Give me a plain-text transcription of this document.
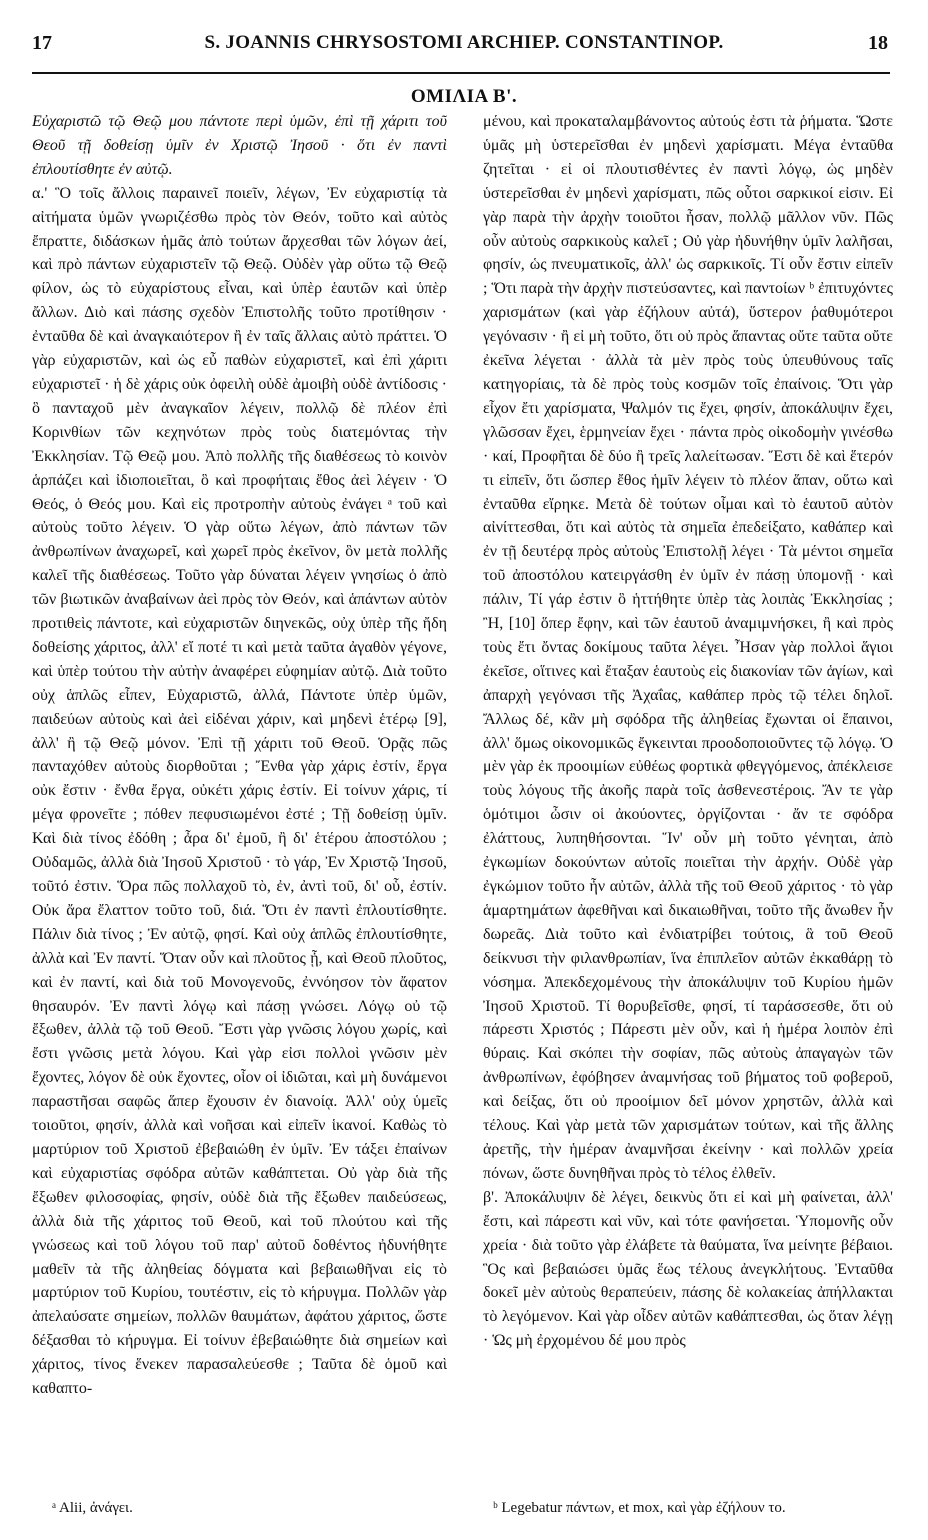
17	S. JOANNIS CHRYSOSTOMI ARCHIEP. CONSTANTINOP.	18
ΟΜΙΛΙΑ Β'.

Εὐχαριστῶ τῷ Θεῷ μου πάντοτε περὶ ὑμῶν, ἐπὶ τῇ χάριτι τοῦ Θεοῦ τῇ δοθείσῃ ὑμῖν ἐν Χριστῷ Ἰησοῦ · ὅτι ἐν παντὶ ἐπλουτίσθητε ἐν αὐτῷ.

α.' Ὃ τοῖς ἄλλοις παραινεῖ ποιεῖν, λέγων, Ἐν εὐχαριστίᾳ τὰ αἰτήματα ὑμῶν γνωριζέσθω πρὸς τὸν Θεόν, τοῦτο καὶ αὐτὸς ἔπραττε, διδάσκων ἡμᾶς ἀπὸ τούτων ἄρχεσθαι τῶν λόγων ἀεί, καὶ πρὸ πάντων εὐχαριστεῖν τῷ Θεῷ. Οὐδὲν γὰρ οὕτω τῷ Θεῷ φίλον, ὡς τὸ εὐχαρίστους εἶναι, καὶ ὑπὲρ ἑαυτῶν καὶ ὑπὲρ ἄλλων. Διὸ καὶ πάσης σχεδὸν Ἐπιστολῆς τοῦτο προτίθησιν · ἐνταῦθα δὲ καὶ ἀναγκαιότερον ἢ ἐν ταῖς ἄλλαις αὐτὸ πράττει. Ὁ γὰρ εὐχαριστῶν, καὶ ὡς εὖ παθὼν εὐχαριστεῖ, καὶ ἐπὶ χάριτι εὐχαριστεῖ · ἡ δὲ χάρις οὐκ ὀφειλὴ οὐδὲ ἀμοιβὴ οὐδὲ ἀντίδοσις · ὃ πανταχοῦ μὲν ἀναγκαῖον λέγειν, πολλῷ δὲ πλέον ἐπὶ Κορινθίων τῶν κεχηνότων πρὸς τοὺς διατεμόντας τὴν Ἐκκλησίαν. Τῷ Θεῷ μου. Ἀπὸ πολλῆς τῆς διαθέσεως τὸ κοινὸν ἁρπάζει καὶ ἰδιοποιεῖται, ὃ καὶ προφήταις ἔθος ἀεὶ λέγειν · Ὁ Θεός, ὁ Θεός μου. Καὶ εἰς προτροπὴν αὐτοὺς ἐνάγει ᵃ τοῦ καὶ αὐτοὺς τοῦτο λέγειν. Ὁ γὰρ οὕτω λέγων, ἀπὸ πάντων τῶν ἀνθρωπίνων ἀναχωρεῖ, καὶ χωρεῖ πρὸς ἐκεῖνον, ὃν μετὰ πολλῆς καλεῖ τῆς διαθέσεως. Τοῦτο γὰρ δύναται λέγειν γνησίως ὁ ἀπὸ τῶν βιωτικῶν ἀναβαίνων ἀεὶ πρὸς τὸν Θεόν, καὶ ἁπάντων αὐτὸν προτιθεὶς πάντοτε, καὶ εὐχαριστῶν διηνεκῶς, οὐχ ὑπὲρ τῆς ἤδη δοθείσης χάριτος, ἀλλ' εἴ ποτέ τι καὶ μετὰ ταῦτα ἀγαθὸν γέγονε, καὶ ὑπὲρ τούτου τὴν αὐτὴν ἀναφέρει εὐφημίαν αὐτῷ. Διὰ τοῦτο οὐχ ἁπλῶς εἶπεν, Εὐχαριστῶ, ἀλλά, Πάντοτε ὑπὲρ ὑμῶν, παιδεύων αὐτοὺς καὶ ἀεὶ εἰδέναι χάριν, καὶ μηδενὶ ἑτέρῳ [9], ἀλλ' ἢ τῷ Θεῷ μόνον. Ἐπὶ τῇ χάριτι τοῦ Θεοῦ. Ὁρᾷς πῶς πανταχόθεν αὐτοὺς διορθοῦται ; Ἔνθα γὰρ χάρις ἐστίν, ἔργα οὐκ ἔστιν · ἔνθα ἔργα, οὐκέτι χάρις ἐστίν. Εἰ τοίνυν χάρις, τί μέγα φρονεῖτε ; πόθεν πεφυσιωμένοι ἐστέ ; Τῇ δοθείσῃ ὑμῖν. Καὶ διὰ τίνος ἐδόθη ; ἆρα δι' ἐμοῦ, ἢ δι' ἑτέρου ἀποστόλου ; Οὐδαμῶς, ἀλλὰ διὰ Ἰησοῦ Χριστοῦ · τὸ γάρ, Ἐν Χριστῷ Ἰησοῦ, τοῦτό ἐστιν. Ὅρα πῶς πολλαχοῦ τὸ, ἐν, ἀντὶ τοῦ, δι' οὗ, ἐστίν. Οὐκ ἄρα ἔλαττον τοῦτο τοῦ, διά. Ὅτι ἐν παντὶ ἐπλουτίσθητε. Πάλιν διὰ τίνος ; Ἐν αὐτῷ, φησί. Καὶ οὐχ ἁπλῶς ἐπλουτίσθητε, ἀλλὰ καὶ Ἐν παντί. Ὅταν οὖν καὶ πλοῦτος ᾖ, καὶ Θεοῦ πλοῦτος, καὶ ἐν παντί, καὶ διὰ τοῦ Μονογενοῦς, ἐννόησον τὸν ἄφατον θησαυρόν. Ἐν παντὶ λόγῳ καὶ πάσῃ γνώσει. Λόγῳ οὐ τῷ ἔξωθεν, ἀλλὰ τῷ τοῦ Θεοῦ. Ἔστι γὰρ γνῶσις λόγου χωρίς, καὶ ἔστι γνῶσις μετὰ λόγου. Καὶ γὰρ εἰσι πολλοὶ γνῶσιν μὲν ἔχοντες, λόγον δὲ οὐκ ἔχοντες, οἷον οἱ ἰδιῶται, καὶ μὴ δυνάμενοι παραστῆσαι σαφῶς ἅπερ ἔχουσιν ἐν διανοίᾳ. Ἀλλ' οὐχ ὑμεῖς τοιοῦτοι, φησίν, ἀλλὰ καὶ νοῆσαι καὶ εἰπεῖν ἱκανοί. Καθὼς τὸ μαρτύριον τοῦ Χριστοῦ ἐβεβαιώθη ἐν ὑμῖν. Ἐν τάξει ἐπαίνων καὶ εὐχαριστίας σφόδρα αὐτῶν καθάπτεται. Οὐ γὰρ διὰ τῆς ἔξωθεν φιλοσοφίας, φησίν, οὐδὲ διὰ τῆς ἔξωθεν παιδεύσεως, ἀλλὰ διὰ τῆς χάριτος τοῦ Θεοῦ, καὶ τοῦ πλούτου καὶ τῆς γνώσεως καὶ τοῦ λόγου τοῦ παρ' αὐτοῦ δοθέντος ἠδυνήθητε μαθεῖν τὰ τῆς ἀληθείας δόγματα καὶ βεβαιωθῆναι εἰς τὸ μαρτύριον τοῦ Κυρίου, τουτέστιν, εἰς τὸ κήρυγμα. Πολλῶν γὰρ ἀπελαύσατε σημείων, πολλῶν θαυμάτων, ἀφάτου χάριτος, ὥστε δέξασθαι τὸ κήρυγμα. Εἰ τοίνυν ἐβεβαιώθητε διὰ σημείων καὶ χάριτος, τίνος ἕνεκεν παρασαλεύεσθε ; Ταῦτα δὲ ὁμοῦ καὶ καθαπτο-

μένου, καὶ προκαταλαμβάνοντος αὐτούς ἐστι τὰ ῥήματα. Ὥστε ὑμᾶς μὴ ὑστερεῖσθαι ἐν μηδενὶ χαρίσματι. Μέγα ἐνταῦθα ζητεῖται · εἰ οἱ πλουτισθέντες ἐν παντὶ λόγῳ, ὡς μηδὲν ὑστερεῖσθαι ἐν μηδενὶ χαρίσματι, πῶς οὗτοι σαρκικοί εἰσιν. Εἰ γὰρ παρὰ τὴν ἀρχὴν τοιοῦτοι ἦσαν, πολλῷ μᾶλλον νῦν. Πῶς οὖν αὐτοὺς σαρκικοὺς καλεῖ ; Οὐ γὰρ ἠδυνήθην ὑμῖν λαλῆσαι, φησίν, ὡς πνευματικοῖς, ἀλλ' ὡς σαρκικοῖς. Τί οὖν ἔστιν εἰπεῖν ; Ὅτι παρὰ τὴν ἀρχὴν πιστεύσαντες, καὶ παντοίων ᵇ ἐπιτυχόντες χαρισμάτων (καὶ γὰρ ἐζήλουν αὐτά), ὕστερον ῥαθυμότεροι γεγόνασιν · ἢ εἰ μὴ τοῦτο, ὅτι οὐ πρὸς ἅπαντας οὔτε ταῦτα οὔτε ἐκεῖνα λέγεται · ἀλλὰ τὰ μὲν πρὸς τοὺς ὑπευθύνους ταῖς κατηγορίαις, τὰ δὲ πρὸς τοὺς κοσμῶν τοῖς ἐπαίνοις. Ὅτι γὰρ εἶχον ἔτι χαρίσματα, Ψαλμόν τις ἔχει, φησίν, ἀποκάλυψιν ἔχει, γλῶσσαν ἔχει, ἑρμηνείαν ἔχει · πάντα πρὸς οἰκοδομὴν γινέσθω · καί, Προφῆται δὲ δύο ἢ τρεῖς λαλείτωσαν. Ἔστι δὲ καὶ ἕτερόν τι εἰπεῖν, ὅτι ὥσπερ ἔθος ἡμῖν λέγειν τὸ πλέον ἅπαν, οὕτω καὶ ἐνταῦθα εἴρηκε. Μετὰ δὲ τούτων οἶμαι καὶ τὸ ἑαυτοῦ αὐτὸν αἰνίττεσθαι, ὅτι καὶ αὐτὸς τὰ σημεῖα ἐπεδείξατο, καθάπερ καὶ ἐν τῇ δευτέρᾳ πρὸς αὐτοὺς Ἐπιστολῇ λέγει · Τὰ μέντοι σημεῖα τοῦ ἀποστόλου κατειργάσθη ἐν ὑμῖν ἐν πάσῃ ὑπομονῇ · καὶ πάλιν, Τί γάρ ἐστιν ὃ ἡττήθητε ὑπὲρ τὰς λοιπὰς Ἐκκλησίας ; Ἢ, [10] ὅπερ ἔφην, καὶ τῶν ἑαυτοῦ ἀναμιμνήσκει, ἢ καὶ πρὸς τοὺς ἔτι ὄντας δοκίμους ταῦτα λέγει. Ἦσαν γὰρ πολλοὶ ἅγιοι ἐκεῖσε, οἵτινες καὶ ἔταξαν ἑαυτοὺς εἰς διακονίαν τῶν ἁγίων, καὶ ἀπαρχὴ γεγόνασι τῆς Ἀχαΐας, καθάπερ πρὸς τῷ τέλει δηλοῖ. Ἄλλως δέ, κἂν μὴ σφόδρα τῆς ἀληθείας ἔχωνται οἱ ἔπαινοι, ἀλλ' ὅμως οἰκονομικῶς ἔγκεινται προοδοποιοῦντες τῷ λόγῳ. Ὁ μὲν γὰρ ἐκ προοιμίων εὐθέως φορτικὰ φθεγγόμενος, ἀπέκλεισε τοὺς λόγους τῆς ἀκοῆς παρὰ τοῖς ἀσθενεστέροις. Ἄν τε γὰρ ὁμότιμοι ὦσιν οἱ ἀκούοντες, ὀργίζονται · ἄν τε σφόδρα ἐλάττους, λυπηθήσονται. Ἵν' οὖν μὴ τοῦτο γένηται, ἀπὸ ἐγκωμίων δοκούντων αὐτοῖς ποιεῖται τὴν ἀρχήν. Οὐδὲ γὰρ ἐγκώμιον τοῦτο ἦν αὐτῶν, ἀλλὰ τῆς τοῦ Θεοῦ χάριτος · τὸ γὰρ ἁμαρτημάτων ἀφεθῆναι καὶ δικαιωθῆναι, τοῦτο τῆς ἄνωθεν ἦν δωρεᾶς. Διὰ τοῦτο καὶ ἐνδιατρίβει τούτοις, ἃ τοῦ Θεοῦ δείκνυσι τὴν φιλανθρωπίαν, ἵνα ἐπιπλεῖον αὐτῶν ἐκκαθάρῃ τὸ νόσημα. Ἀπεκδεχομένους τὴν ἀποκάλυψιν τοῦ Κυρίου ἡμῶν Ἰησοῦ Χριστοῦ. Τί θορυβεῖσθε, φησί, τί ταράσσεσθε, ὅτι οὐ πάρεστι Χριστός ; Πάρεστι μὲν οὖν, καὶ ἡ ἡμέρα λοιπὸν ἐπὶ θύραις. Καὶ σκόπει τὴν σοφίαν, πῶς αὐτοὺς ἀπαγαγὼν τῶν ἀνθρωπίνων, ἐφόβησεν ἀναμνήσας τοῦ βήματος τοῦ φοβεροῦ, καὶ δείξας, ὅτι οὐ προοίμιον δεῖ μόνον χρηστῶν, ἀλλὰ καὶ τέλους. Καὶ γὰρ μετὰ τῶν χαρισμάτων τούτων, καὶ τῆς ἄλλης ἀρετῆς, τὴν ἡμέραν ἀναμνῆσαι ἐκείνην · καὶ πολλῶν χρεία πόνων, ὥστε δυνηθῆναι πρὸς τὸ τέλος ἐλθεῖν.

β'. Ἀποκάλυψιν δὲ λέγει, δεικνὺς ὅτι εἰ καὶ μὴ φαίνεται, ἀλλ' ἔστι, καὶ πάρεστι καὶ νῦν, καὶ τότε φανήσεται. Ὑπομονῆς οὖν χρεία · διὰ τοῦτο γὰρ ἐλάβετε τὰ θαύματα, ἵνα μείνητε βέβαιοι. Ὃς καὶ βεβαιώσει ὑμᾶς ἕως τέλους ἀνεγκλήτους. Ἐνταῦθα δοκεῖ μὲν αὐτοὺς θεραπεύειν, πάσης δὲ κολακείας ἀπήλλακται τὸ λεγόμενον. Καὶ γὰρ οἶδεν αὐτῶν καθάπτεσθαι, ὡς ὅταν λέγῃ · Ὡς μὴ ἐρχομένου δέ μου πρὸς

ᵃ Alii, ἀνάγει.	ᵇ Legebatur πάντων, et mox, καὶ γὰρ ἐζήλουν το.
